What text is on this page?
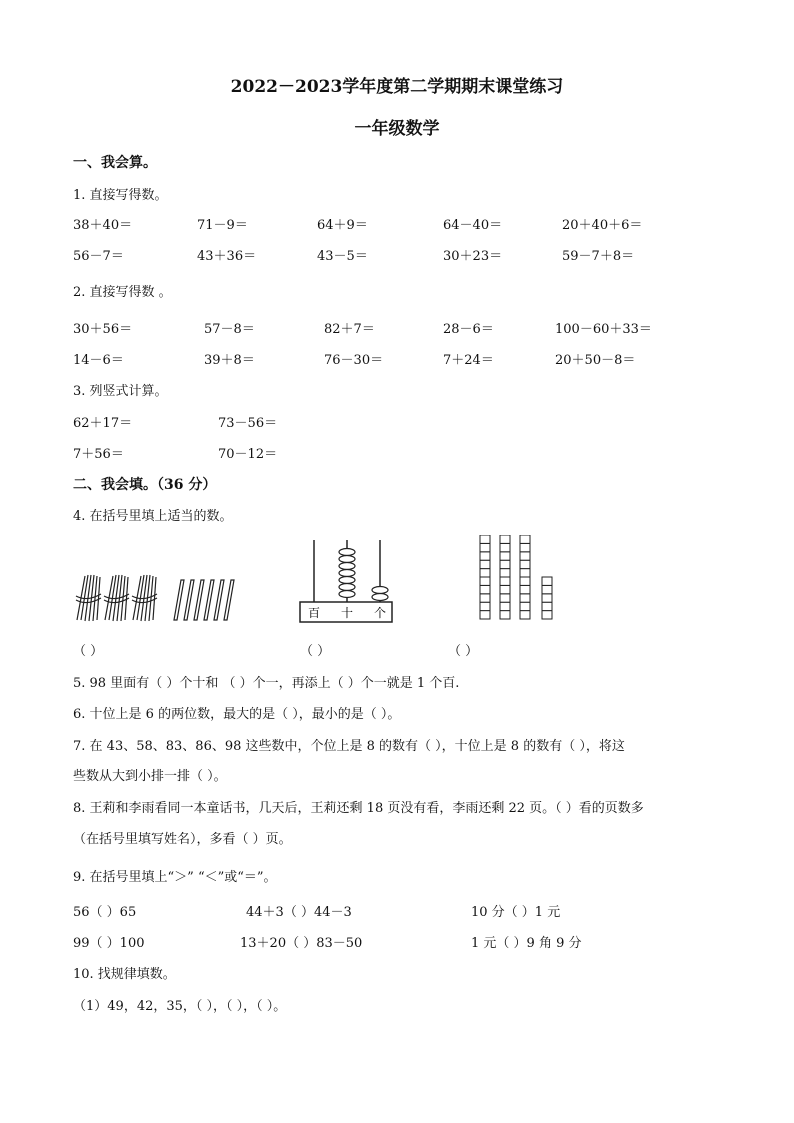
2022－2023学年度第二学期期末课堂练习
一年级数学
一、我会算。
1. 直接写得数。
38＋40＝	71－9＝	64＋9＝	64－40＝	20＋40＋6＝
56－7＝	43＋36＝	43－5＝	30＋23＝	59－7＋8＝
2. 直接写得数 。
30＋56＝	57－8＝	82＋7＝	28－6＝	100－60＋33＝
14－6＝	39＋8＝	76－30＝	7＋24＝	20＋50－8＝
3. 列竖式计算。
62＋17＝	73－56＝
7＋56＝	70－12＝
二、我会填。（36 分）
4. 在括号里填上适当的数。
百 十 个
（ ）	（ ）	（ ）
5. 98 里面有（ ）个十和 （ ）个一，再添上（ ）个一就是 1 个百.
6. 十位上是 6 的两位数，最大的是（ ），最小的是（ ）。
7. 在 43、58、83、86、98 这些数中，个位上是 8 的数有（ ），十位上是 8 的数有（ ），将这
些数从大到小排一排（ ）。
8. 王莉和李雨看同一本童话书，几天后，王莉还剩 18 页没有看，李雨还剩 22 页。（ ）看的页数多
（在括号里填写姓名），多看（ ）页。
9. 在括号里填上“＞” “＜”或“＝”。
56（ ）65	44＋3（ ）44－3	10 分（ ）1 元
99（ ）100	13＋20（ ）83－50	1 元（ ）9 角 9 分
10. 找规律填数。
（1）49，42，35，（ ），（ ），（ ）。
